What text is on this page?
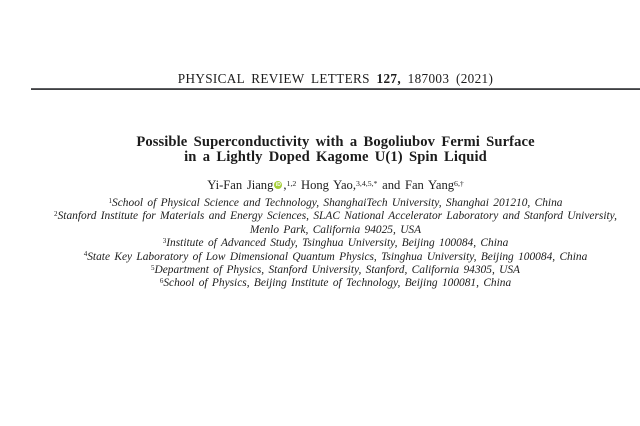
PHYSICAL REVIEW LETTERS 127, 187003 (2021)
Possible Superconductivity with a Bogoliubov Fermi Surface
in a Lightly Doped Kagome U(1) Spin Liquid
Yi-Fan Jiang iD ,$^{1,2}$ Hong Yao,$^{3,4,5,*}$ and Fan Yang$^{6,\dagger}$
$^1$School of Physical Science and Technology, ShanghaiTech University, Shanghai 201210, China
$^2$Stanford Institute for Materials and Energy Sciences, SLAC National Accelerator Laboratory and Stanford University,
Menlo Park, California 94025, USA
$^3$Institute of Advanced Study, Tsinghua University, Beijing 100084, China
$^4$State Key Laboratory of Low Dimensional Quantum Physics, Tsinghua University, Beijing 100084, China
$^5$Department of Physics, Stanford University, Stanford, California 94305, USA
$^6$School of Physics, Beijing Institute of Technology, Beijing 100081, China
